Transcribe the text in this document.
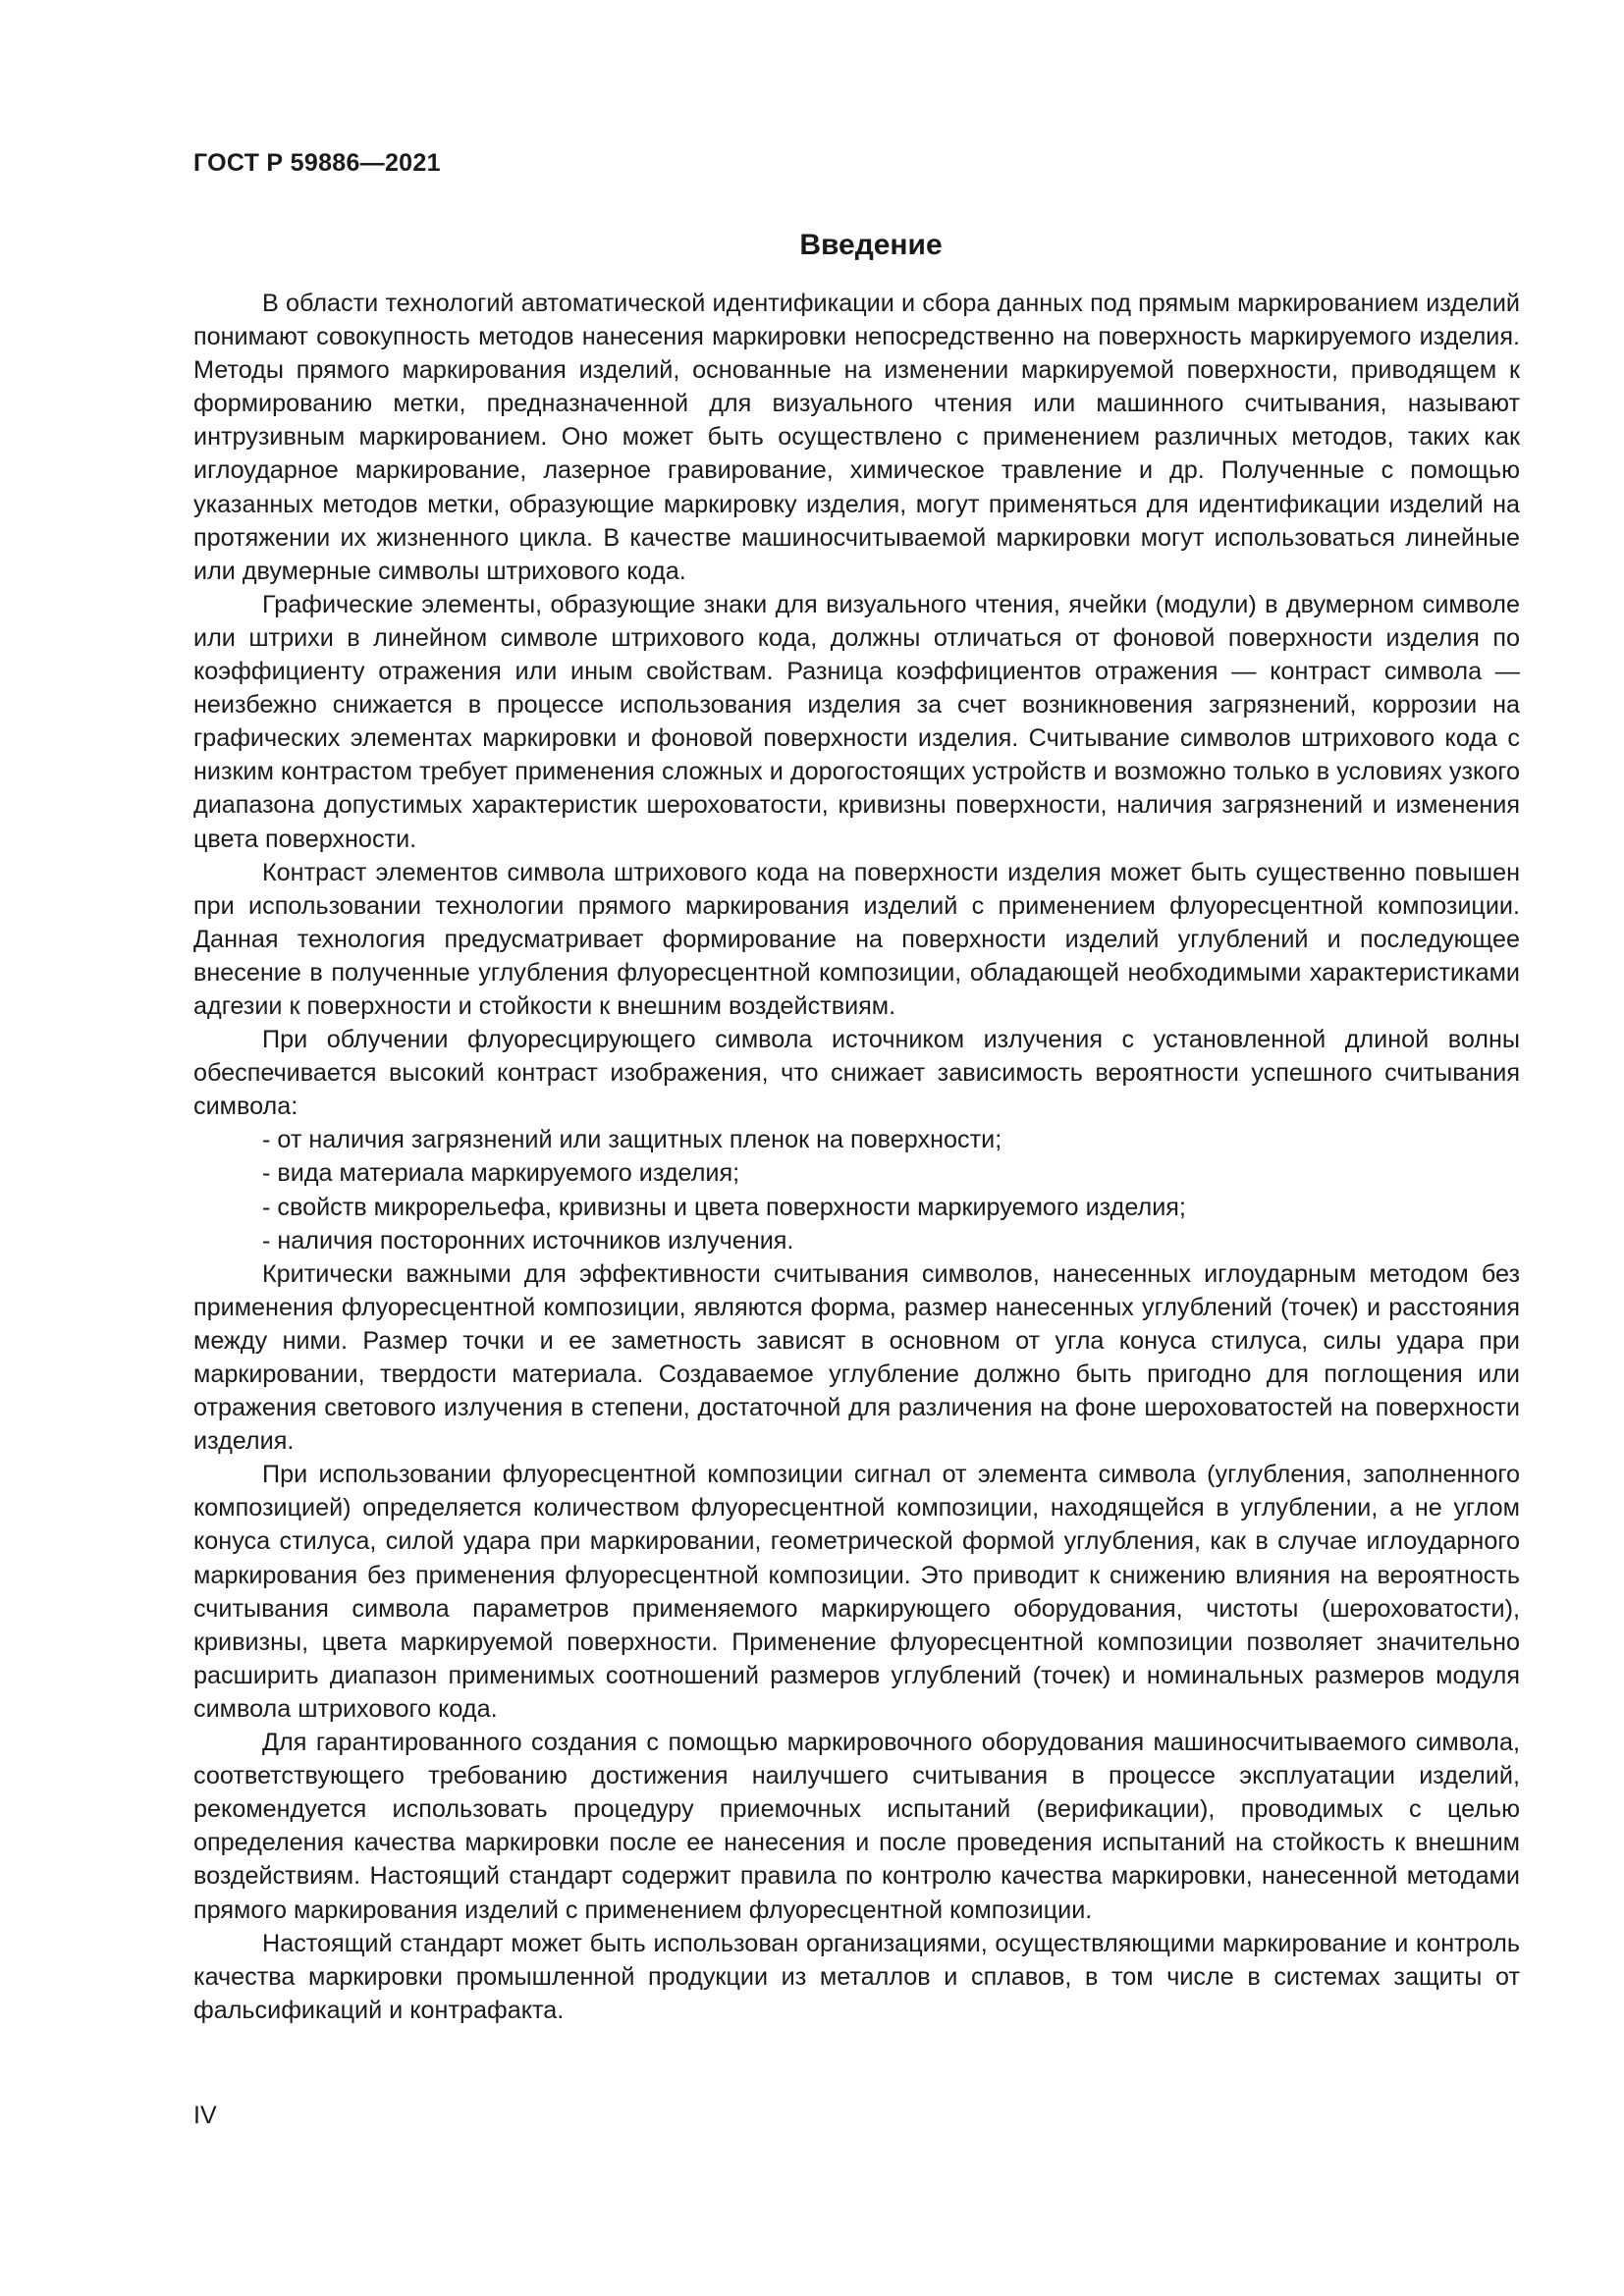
ГОСТ Р 59886—2021
Введение

В области технологий автоматической идентификации и сбора данных под прямым маркированием изделий понимают совокупность методов нанесения маркировки непосредственно на поверхность маркируемого изделия. Методы прямого маркирования изделий, основанные на изменении маркируемой поверхности, приводящем к формированию метки, предназначенной для визуального чтения или машинного считывания, называют интрузивным маркированием. Оно может быть осуществлено с применением различных методов, таких как иглоударное маркирование, лазерное гравирование, химическое травление и др. Полученные с помощью указанных методов метки, образующие маркировку изделия, могут применяться для идентификации изделий на протяжении их жизненного цикла. В качестве машиносчитываемой маркировки могут использоваться линейные или двумерные символы штрихового кода.

Графические элементы, образующие знаки для визуального чтения, ячейки (модули) в двумерном символе или штрихи в линейном символе штрихового кода, должны отличаться от фоновой поверхности изделия по коэффициенту отражения или иным свойствам. Разница коэффициентов отражения — контраст символа — неизбежно снижается в процессе использования изделия за счет возникновения загрязнений, коррозии на графических элементах маркировки и фоновой поверхности изделия. Считывание символов штрихового кода с низким контрастом требует применения сложных и дорогостоящих устройств и возможно только в условиях узкого диапазона допустимых характеристик шероховатости, кривизны поверхности, наличия загрязнений и изменения цвета поверхности.

Контраст элементов символа штрихового кода на поверхности изделия может быть существенно повышен при использовании технологии прямого маркирования изделий с применением флуоресцентной композиции. Данная технология предусматривает формирование на поверхности изделий углублений и последующее внесение в полученные углубления флуоресцентной композиции, обладающей необходимыми характеристиками адгезии к поверхности и стойкости к внешним воздействиям.

При облучении флуоресцирующего символа источником излучения с установленной длиной волны обеспечивается высокий контраст изображения, что снижает зависимость вероятности успешного считывания символа:

- от наличия загрязнений или защитных пленок на поверхности;

- вида материала маркируемого изделия;

- свойств микрорельефа, кривизны и цвета поверхности маркируемого изделия;

- наличия посторонних источников излучения.

Критически важными для эффективности считывания символов, нанесенных иглоударным методом без применения флуоресцентной композиции, являются форма, размер нанесенных углублений (точек) и расстояния между ними. Размер точки и ее заметность зависят в основном от угла конуса стилуса, силы удара при маркировании, твердости материала. Создаваемое углубление должно быть пригодно для поглощения или отражения светового излучения в степени, достаточной для различения на фоне шероховатостей на поверхности изделия.

При использовании флуоресцентной композиции сигнал от элемента символа (углубления, заполненного композицией) определяется количеством флуоресцентной композиции, находящейся в углублении, а не углом конуса стилуса, силой удара при маркировании, геометрической формой углубления, как в случае иглоударного маркирования без применения флуоресцентной композиции. Это приводит к снижению влияния на вероятность считывания символа параметров применяемого маркирующего оборудования, чистоты (шероховатости), кривизны, цвета маркируемой поверхности. Применение флуоресцентной композиции позволяет значительно расширить диапазон применимых соотношений размеров углублений (точек) и номинальных размеров модуля символа штрихового кода.

Для гарантированного создания с помощью маркировочного оборудования машиносчитываемого символа, соответствующего требованию достижения наилучшего считывания в процессе эксплуатации изделий, рекомендуется использовать процедуру приемочных испытаний (верификации), проводимых с целью определения качества маркировки после ее нанесения и после проведения испытаний на стойкость к внешним воздействиям. Настоящий стандарт содержит правила по контролю качества маркировки, нанесенной методами прямого маркирования изделий с применением флуоресцентной композиции.

Настоящий стандарт может быть использован организациями, осуществляющими маркирование и контроль качества маркировки промышленной продукции из металлов и сплавов, в том числе в системах защиты от фальсификаций и контрафакта.

IV
